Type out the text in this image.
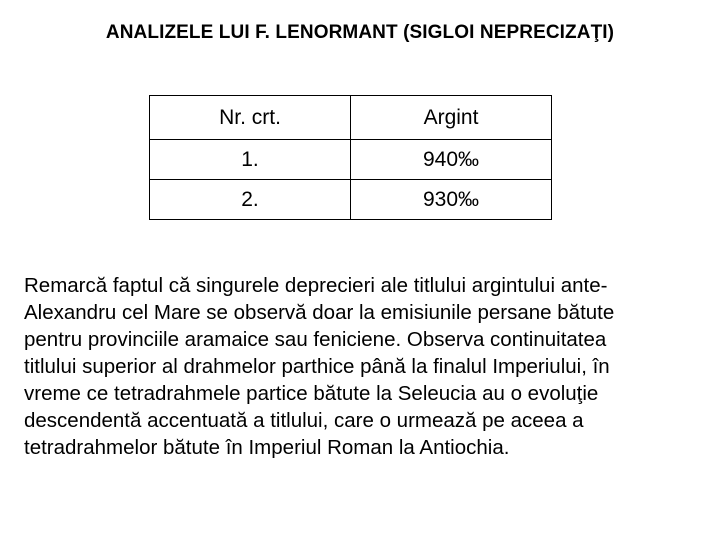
ANALIZELE LUI F. LENORMANT (SIGLOI NEPRECIZAŢI)
Nr. crt.	Argint
1.	940‰
2.	930‰
Remarcă faptul că singurele deprecieri ale titlului argintului ante-
Alexandru cel Mare se observă doar la emisiunile persane bătute
pentru provinciile aramaice sau feniciene. Observa continuitatea
titlului superior al drahmelor parthice până la finalul Imperiului, în
vreme ce tetradrahmele partice bătute la Seleucia au o evoluţie
descendentă accentuată a titlului, care o urmează pe aceea a
tetradrahmelor bătute în Imperiul Roman la Antiochia.
